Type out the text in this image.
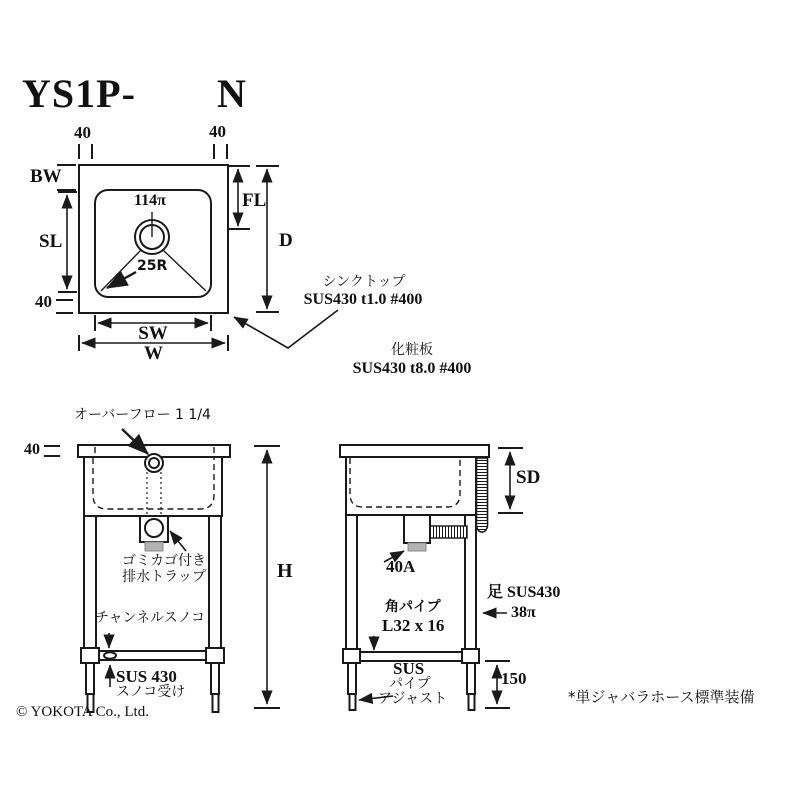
YS1P- N
40	40
BW
SL
40
114π
25R
SW
W
FL
D
シンクトップ
SUS430 t1.0 #400
化粧板
SUS430 t8.0 #400
オーバーフロー 1 1/4
40
ゴミカゴ付き
排水トラップ
チャンネルスノコ
SUS 430
スノコ受け
H
SD
40A
足 SUS430
38π
角パイプ
L32 x 16
SUS
パイプ
アジャスト
150
© YOKOTA Co., Ltd.
*単ジャバラホース標準装備
